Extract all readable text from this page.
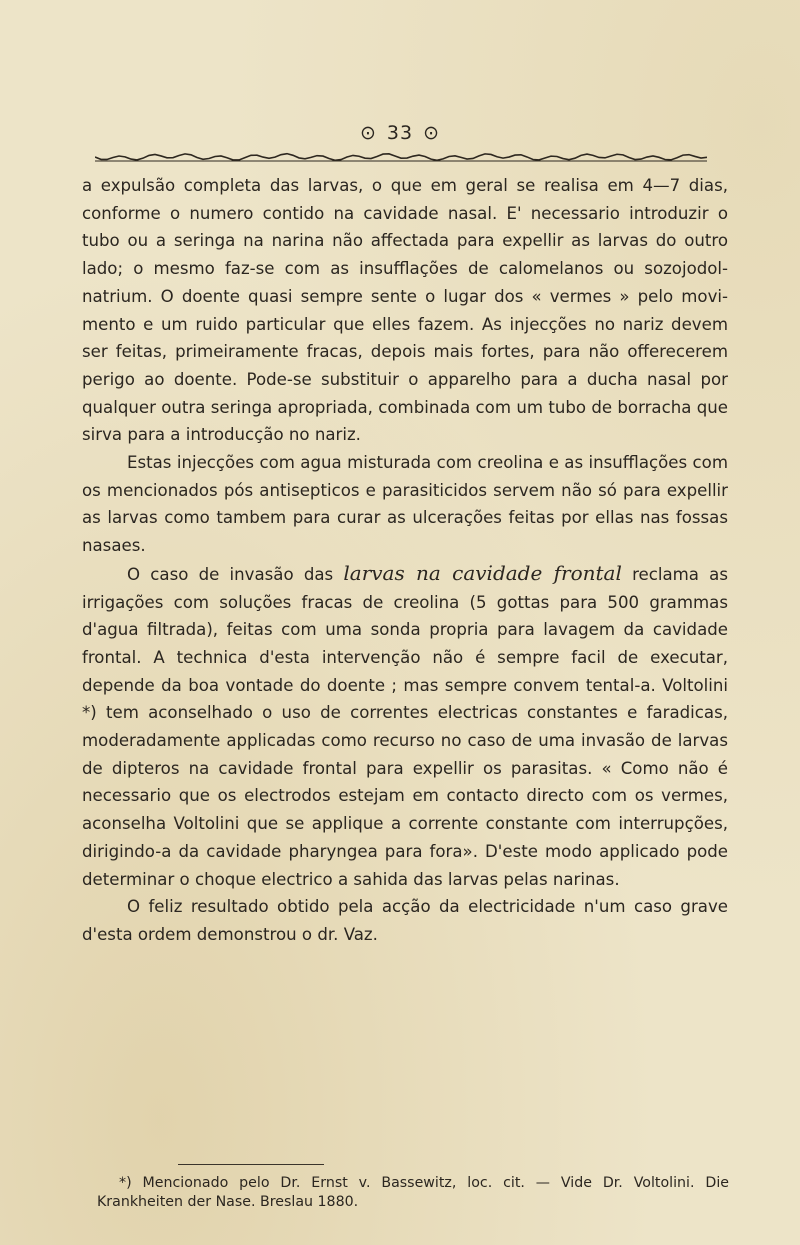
⊙ 33 ⊙

a expulsão completa das larvas, o que em geral se realisa em 4—7 dias, conforme o numero contido na cavidade nasal. E' necessario introduzir o tubo ou a seringa na narina não affectada para expellir as larvas do outro lado; o mesmo faz-se com as insufflações de calomelanos ou sozojodol-natrium. O doente quasi sempre sente o lugar dos « vermes » pelo movimento e um ruido particular que elles fazem. As injecções no nariz devem ser feitas, primeiramente fracas, depois mais fortes, para não offerecerem perigo ao doente. Pode-se substituir o apparelho para a ducha nasal por qualquer outra seringa apropriada, combinada com um tubo de borracha que sirva para a introducção no nariz.

Estas injecções com agua misturada com creolina e as insufflações com os mencionados pós antisepticos e parasiticidos servem não só para expellir as larvas como tambem para curar as ulcerações feitas por ellas nas fossas nasaes.

O caso de invasão das larvas na cavidade frontal reclama as irrigações com soluções fracas de creolina (5 gottas para 500 grammas d'agua filtrada), feitas com uma sonda propria para lavagem da cavidade frontal. A technica d'esta intervenção não é sempre facil de executar, depende da boa vontade do doente ; mas sempre convem tental-a. Voltolini *) tem aconselhado o uso de correntes electricas constantes e faradicas, moderadamente applicadas como recurso no caso de uma invasão de larvas de dipteros na cavidade frontal para expellir os parasitas. « Como não é necessario que os electrodos estejam em contacto directo com os vermes, aconselha Voltolini que se applique a corrente constante com interrupções, dirigindo-a da cavidade pharyngea para fora». D'este modo applicado pode determinar o choque electrico a sahida das larvas pelas narinas.

O feliz resultado obtido pela acção da electricidade n'um caso grave d'esta ordem demonstrou o dr. Vaz.

*) Mencionado pelo Dr. Ernst v. Bassewitz, loc. cit. — Vide Dr. Voltolini. Die Krankheiten der Nase. Breslau 1880.
